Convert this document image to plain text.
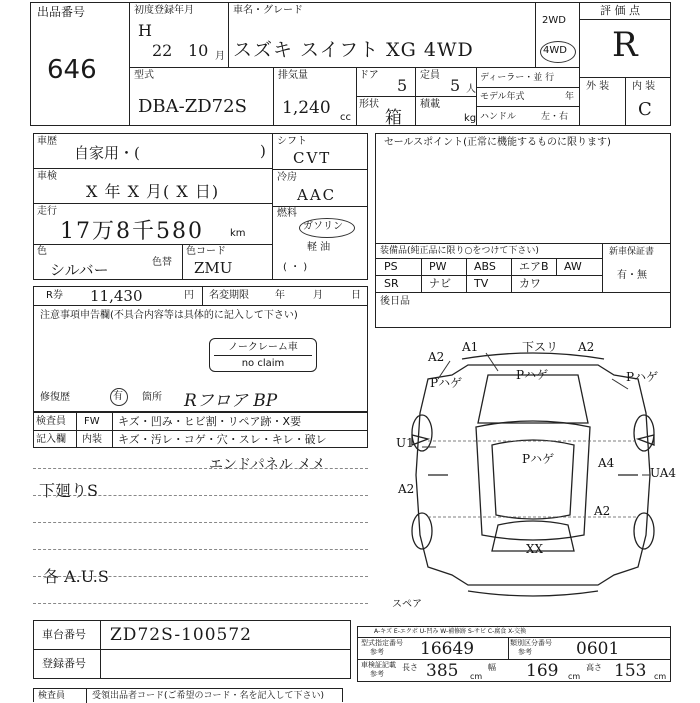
出品番号
646
初度登録年月
H
22 10 月
車名・グレード
スズキ スイフト XG 4WD
2WD
4WD
評 価 点
R
外 装 内 装
C
型式
DBA-ZD72S
排気量
1,240 cc
ドア
5
定員
5 人
形状
箱
積載
kg
ディーラー・並 行
モデル年式	年
ハンドル	左・右
車歴
自家用・(	)
車検
X 年 X 月( X 日)
走行
17万8千580	km
色
シルバー	色替
色コード
ZMU
シフト
CVT
冷房
AAC
燃料
ガソリン
軽 油
( ・ )
セールスポイント(正常に機能するものに限ります)
装備品(純正品に限り○をつけて下さい)
PS	PW ABS エアB AW
SR	ナビ TV	カワ
新車保証書
有・無
R券 11,430	円 名変期限	年	月	日
後日品
注意事項申告欄(不具合内容等は具体的に記入して下さい)
ノークレーム車
no claim
修復歴	有 箇所 Rフロア BP
検査員
記入欄
FW
内装
キズ・凹み・ヒビ割・リペア跡・X要
キズ・汚レ・コゲ・穴・スレ・キレ・破レ
エンドパネル メメ
下廻りS
各 A.U.S
A2
A1	下スリ A2
Pハゲ
Pハゲ
Pハゲ
U1
A4
UA4
A2
A2
Pハゲ
XX
スペア
車台番号 ZD72S-100572
登録番号
A-キズ E-エクボ U-凹み W-補修跡 S-サビ C-腐食 X-交換
型式指定番号
参考 16649	類別区分番号
参考	0601
車検証記載
参考
長さ 385 cm
幅 169 cm
高さ 153 cm
検査員	受領出品者コード(ご希望のコード・名を記入して下さい)
